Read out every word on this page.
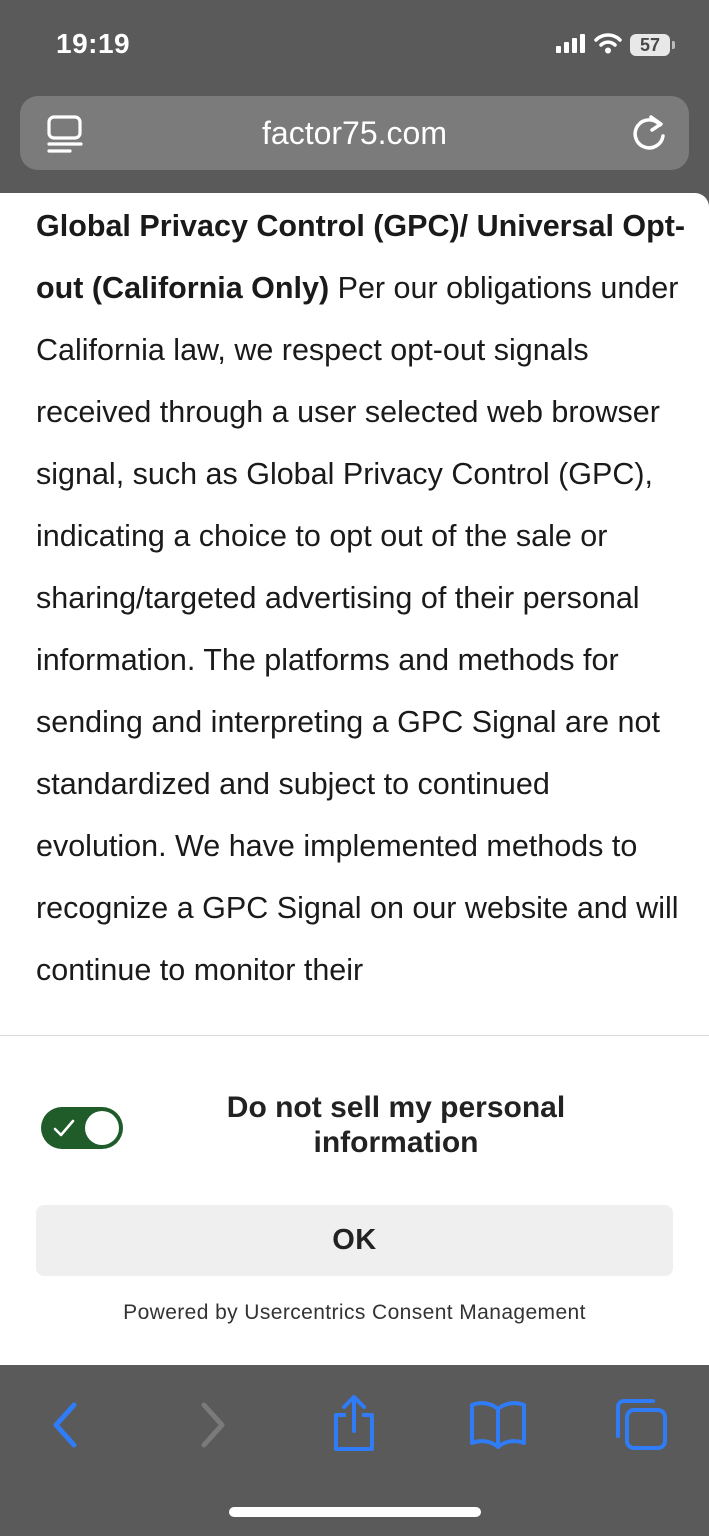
19:19	57
factor75.com

Global Privacy Control (GPC)/ Universal Opt-out (California Only) Per our obligations under California law, we respect opt-out signals received through a user selected web browser signal, such as Global Privacy Control (GPC), indicating a choice to opt out of the sale or sharing/targeted advertising of their personal information. The platforms and methods for sending and interpreting a GPC Signal are not standardized and subject to continued evolution. We have implemented methods to recognize a GPC Signal on our website and will continue to monitor their

Do not sell my personal information
OK
Powered by Usercentrics Consent Management
